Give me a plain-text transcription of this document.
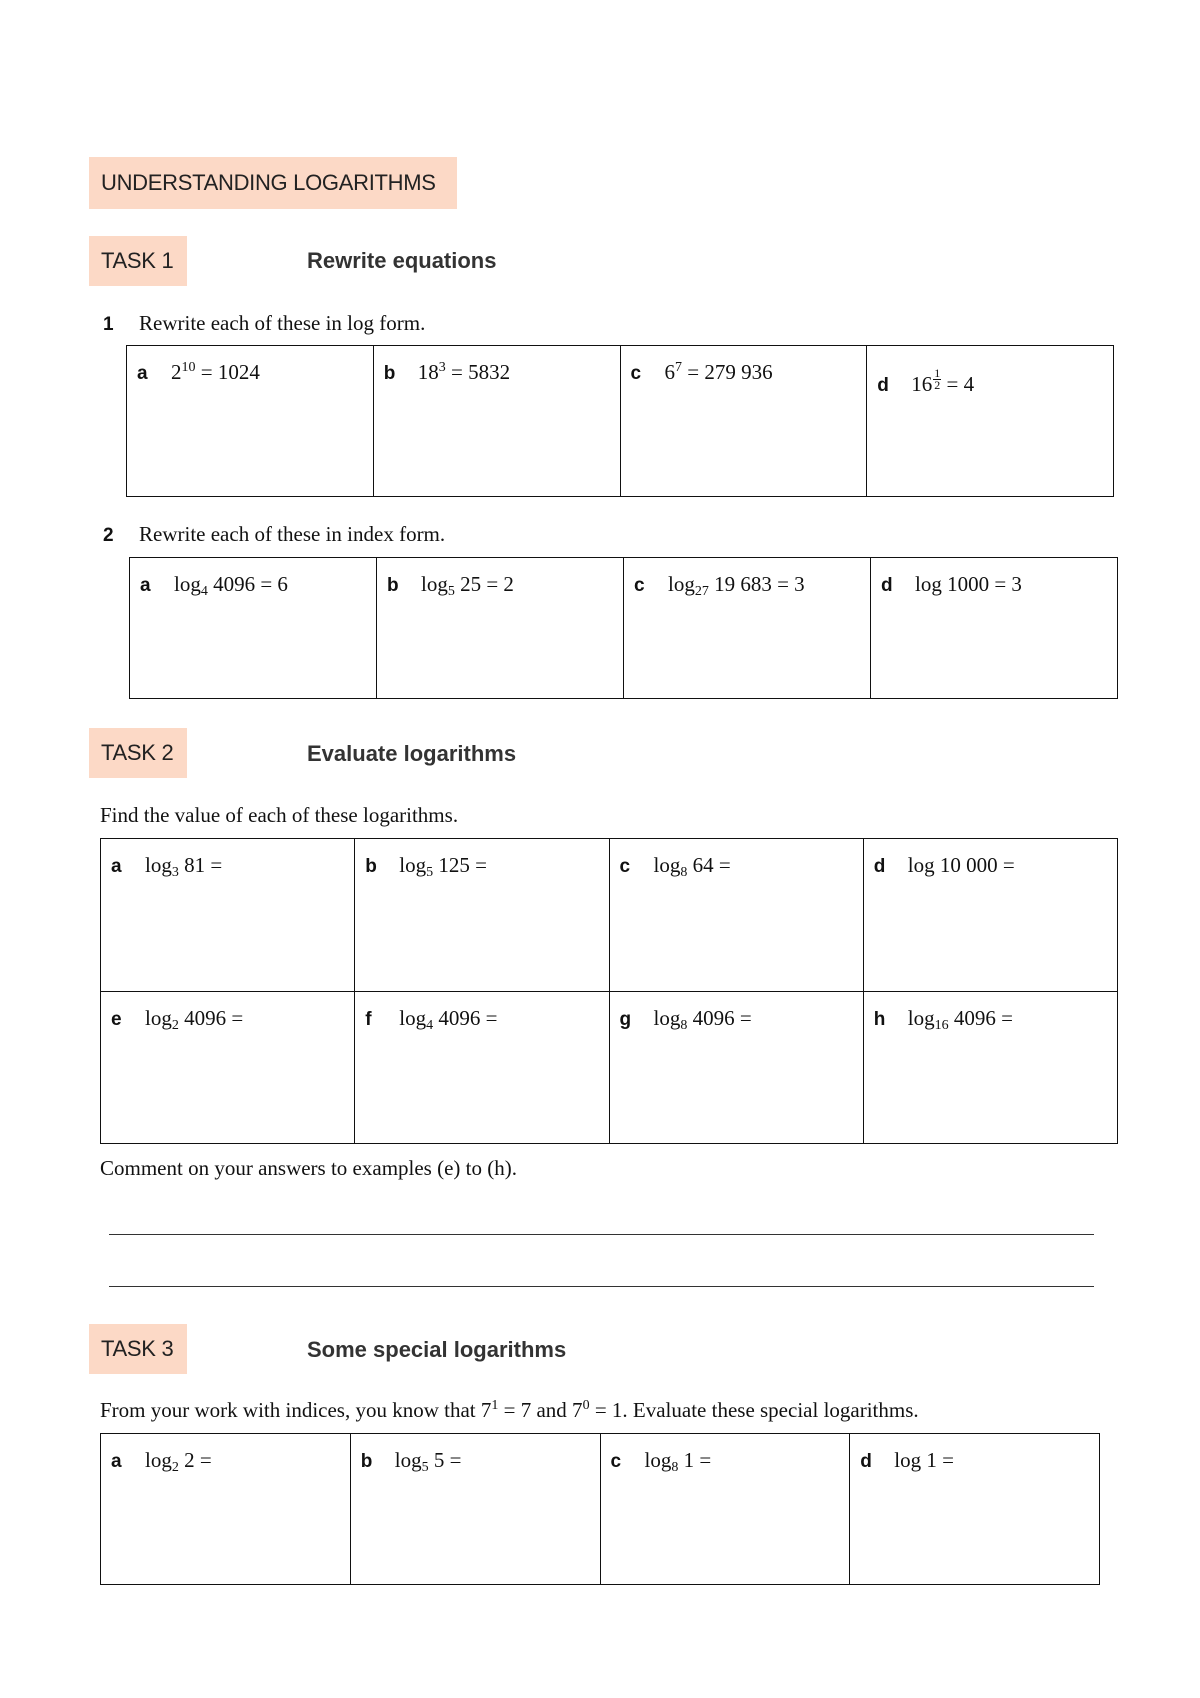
UNDERSTANDING LOGARITHMS
TASK 1	Rewrite equations
1 Rewrite each of these in log form.
a $2^{10} = 1024$	b $18^3 = 5832$	c $6^7 = 279$ 936	d $16 \frac{1}{2} = 4$
2 Rewrite each of these in index form.
a $\log_4 4096 = 6$	b $\log_5 25 = 2$	c $\log_{27} 19$ 683 = 3	d log 1000 = 3
TASK 2	Evaluate logarithms
Find the value of each of these logarithms.
a $\log_3 81$ =	b $\log_5 125$ =	c $\log_8 64$ =	d log 10 000 =
e $\log_2 4096$ =	f $\log_4 4096$ =	g $\log_8 4096$ =	h $\log_{16} 4096$ =
Comment on your answers to examples (e) to (h).
TASK 3	Some special logarithms
From your work with indices, you know that $7^1 = 7$ and $7^0 = 1$. Evaluate these special logarithms.
a $\log_2 2$ =	b $\log_5 5$ =	c $\log_8 1$ =	d log 1 =
